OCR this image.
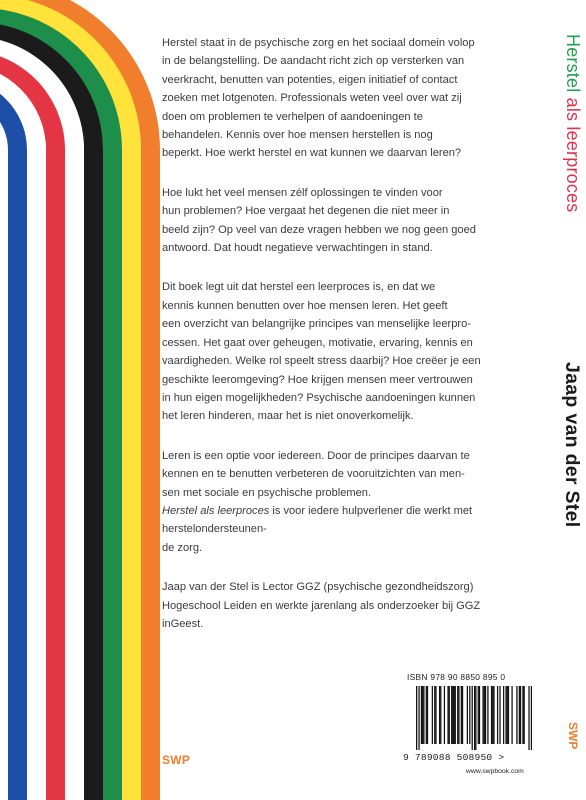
Herstel staat in de psychische zorg en het sociaal domein volop
in de belangstelling. De aandacht richt zich op versterken van
veerkracht, benutten van potenties, eigen initiatief of contact
zoeken met lotgenoten. Professionals weten veel over wat zij
doen om problemen te verhelpen of aandoeningen te
behandelen. Kennis over hoe mensen herstellen is nog
beperkt. Hoe werkt herstel en wat kunnen we daarvan leren?

Hoe lukt het veel mensen zélf oplossingen te vinden voor
hun problemen? Hoe vergaat het degenen die niet meer in
beeld zijn? Op veel van deze vragen hebben we nog geen goed
antwoord. Dat houdt negatieve verwachtingen in stand.

Dit boek legt uit dat herstel een leerproces is, en dat we
kennis kunnen benutten over hoe mensen leren. Het geeft
een overzicht van belangrijke principes van menselijke leerpro-
cessen. Het gaat over geheugen, motivatie, ervaring, kennis en
vaardigheden. Welke rol speelt stress daarbij? Hoe creëer je een
geschikte leeromgeving? Hoe krijgen mensen meer vertrouwen
in hun eigen mogelijkheden? Psychische aandoeningen kunnen
het leren hinderen, maar het is niet onoverkomelijk.

Leren is een optie voor iedereen. Door de principes daarvan te
kennen en te benutten verbeteren de vooruitzichten van men-
sen met sociale en psychische problemen.
Herstel als leerproces is voor iedere hulpverlener die werkt met herstelondersteunen-
de zorg.

Jaap van der Stel is Lector GGZ (psychische gezondheidszorg)
Hogeschool Leiden en werkte jarenlang als onderzoeker bij GGZ
inGeest.

Herstel als leerproces
Jaap van der Stel
SWP
SWP
ISBN 978 90 8850 895 0
9 789088 508950 >
www.swpbook.com
